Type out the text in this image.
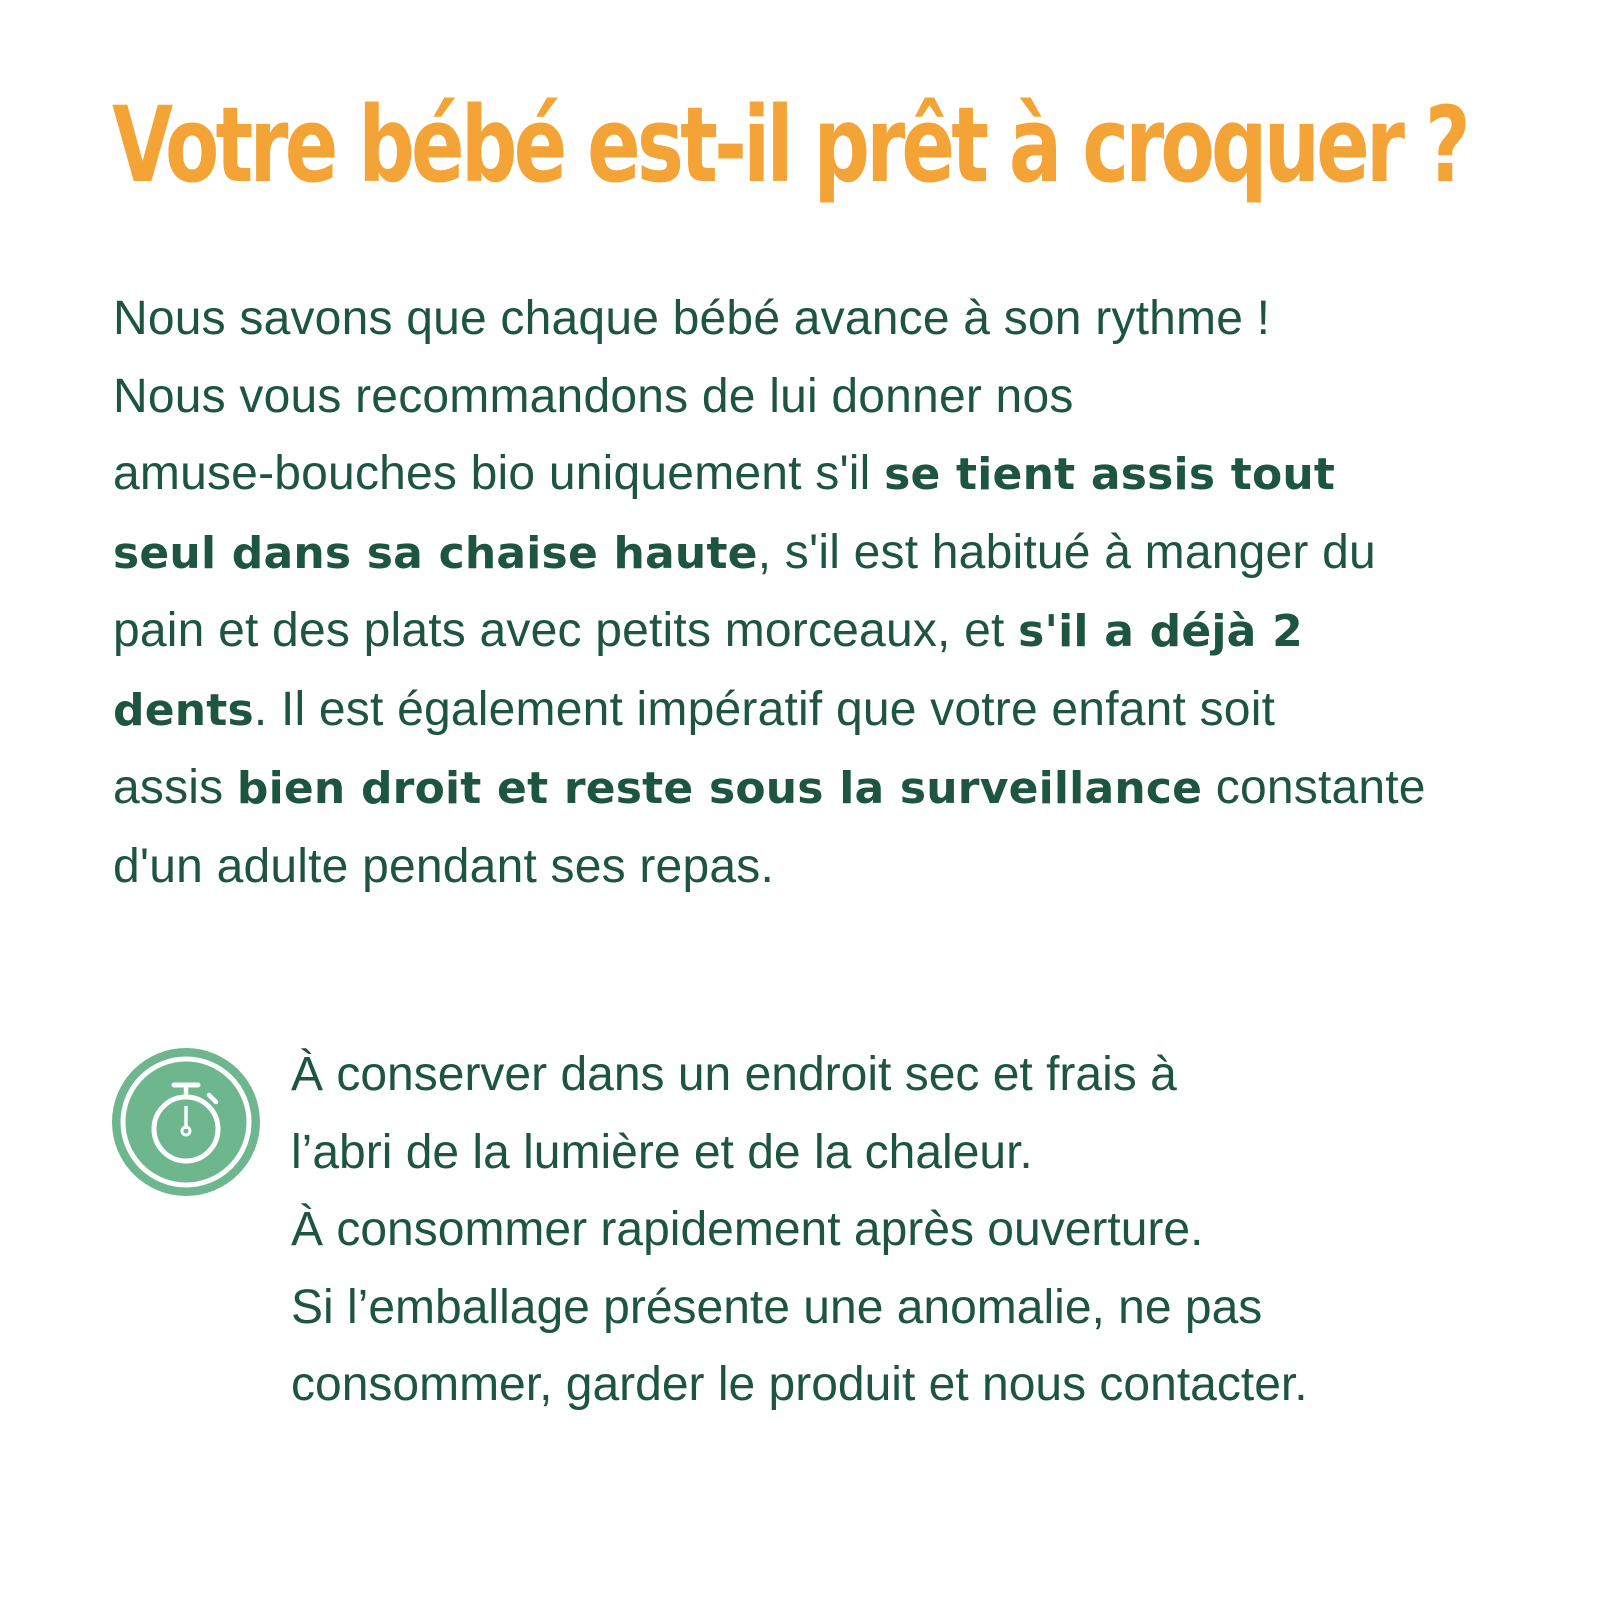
Votre bébé est-il prêt à croquer ?

Nous savons que chaque bébé avance à son rythme !
Nous vous recommandons de lui donner nos
amuse-bouches bio uniquement s'il se tient assis tout
seul dans sa chaise haute, s'il est habitué à manger du
pain et des plats avec petits morceaux, et s'il a déjà 2
dents. Il est également impératif que votre enfant soit
assis bien droit et reste sous la surveillance constante
d'un adulte pendant ses repas.

À conserver dans un endroit sec et frais à
l’abri de la lumière et de la chaleur.
À consommer rapidement après ouverture.
Si l’emballage présente une anomalie, ne pas
consommer, garder le produit et nous contacter.
